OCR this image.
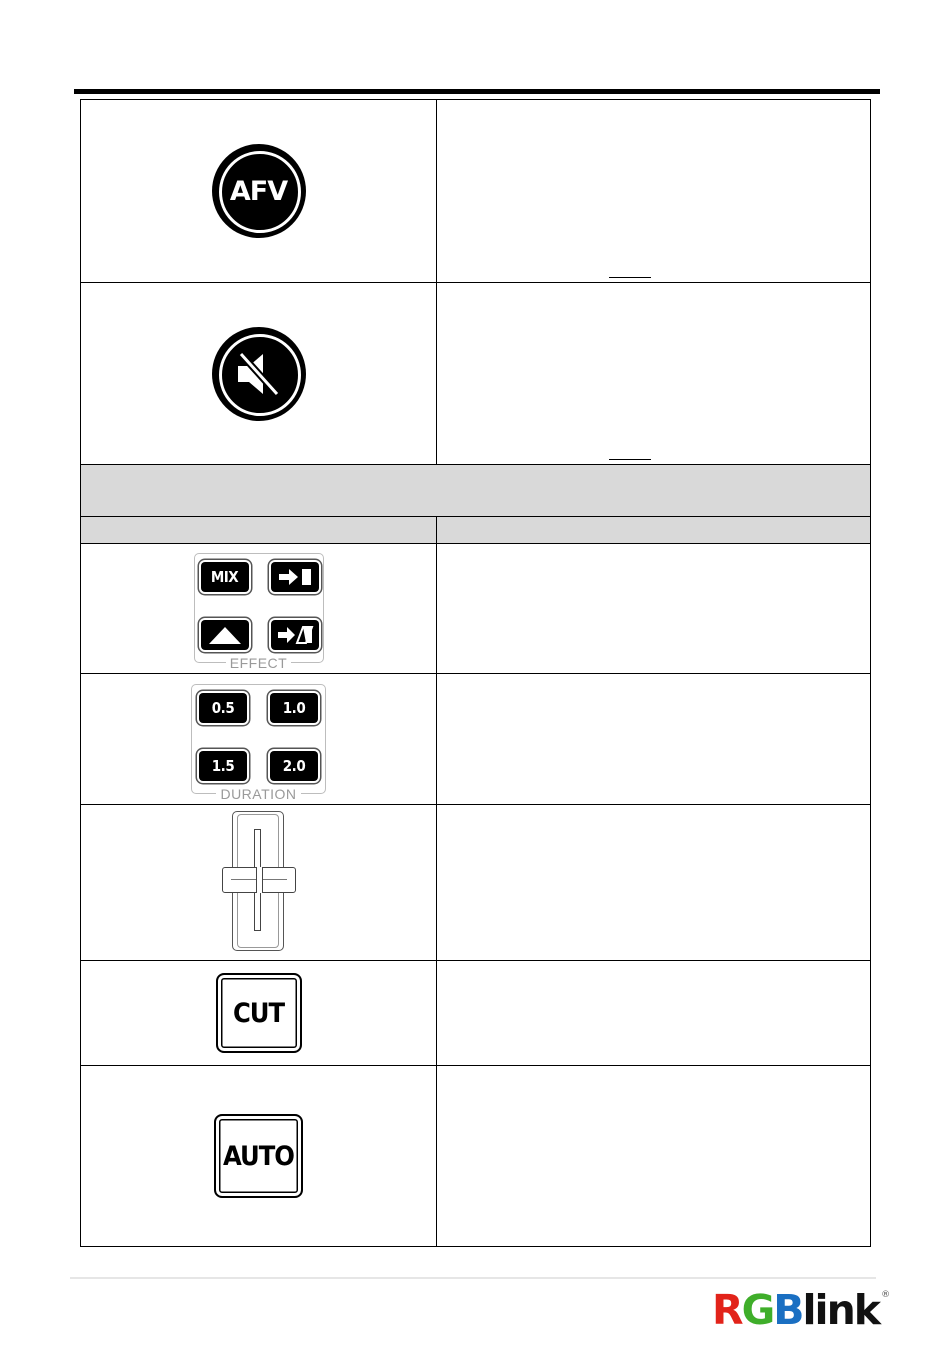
AFV	

MIX
EFFECT	

0.5 1.0
1.5 2.0
DURATION	

CUT	

AUTO	

RGBlink ®
